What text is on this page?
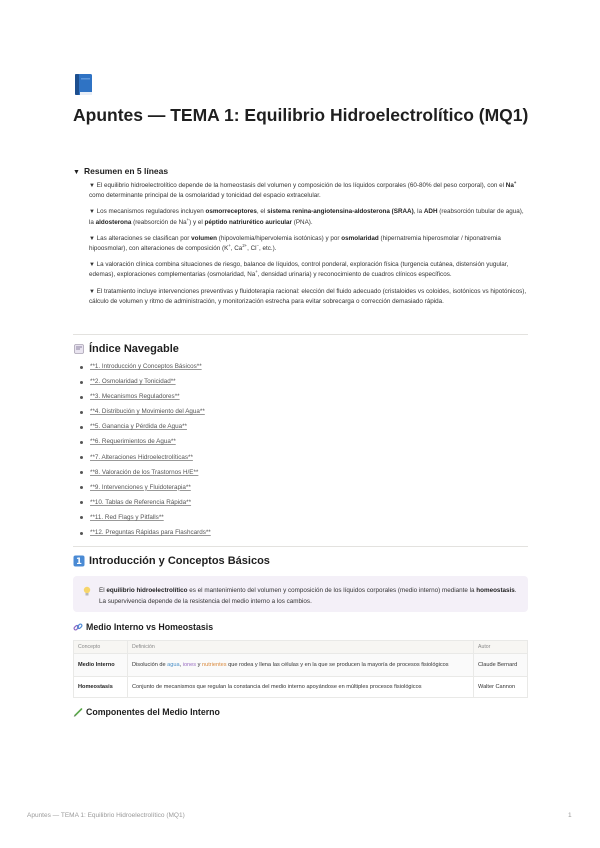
Apuntes — TEMA 1: Equilibrio Hidroelectrolítico (MQ1)
▼ Resumen en 5 líneas
▼ El equilibrio hidroelectrolítico depende de la homeostasis del volumen y composición de los líquidos corporales (60-80% del peso corporal), con el Na+ como determinante principal de la osmolaridad y tonicidad del espacio extracelular.
▼ Los mecanismos reguladores incluyen osmorreceptores, el sistema renina-angiotensina-aldosterona (SRAA), la ADH (reabsorción tubular de agua), la aldosterona (reabsorción de Na+) y el péptido natriurético auricular (PNA).
▼ Las alteraciones se clasifican por volumen (hipovolemia/hipervolemia isotónicas) y por osmolaridad (hipernatremia hiperosmolar / hiponatremia hipoosmolar), con alteraciones de composición (K+, $Ca^{2+}$, Cl−, etc.).
▼ La valoración clínica combina situaciones de riesgo, balance de líquidos, control ponderal, exploración física (turgencia cutánea, distensión yugular, edemas), exploraciones complementarias (osmolaridad, Na+, densidad urinaria) y reconocimiento de cuadros clínicos específicos.
▼ El tratamiento incluye intervenciones preventivas y fluidoterapia racional: elección del fluido adecuado (cristaloides vs coloides, isotónicos vs hipotónicos), cálculo de volumen y ritmo de administración, y monitorización estrecha para evitar sobrecarga o corrección demasiado rápida.
Índice Navegable
**1. Introducción y Conceptos Básicos**
**2. Osmolaridad y Tonicidad**
**3. Mecanismos Reguladores**
**4. Distribución y Movimiento del Agua**
**5. Ganancia y Pérdida de Agua**
**6. Requerimientos de Agua**
**7. Alteraciones Hidroelectrolíticas**
**8. Valoración de los Trastornos H/E**
**9. Intervenciones y Fluidoterapia**
**10. Tablas de Referencia Rápida**
**11. Red Flags y Pitfalls**
**12. Preguntas Rápidas para Flashcards**
1 Introducción y Conceptos Básicos
El equilibrio hidroelectrolítico es el mantenimiento del volumen y composición de los líquidos corporales (medio interno) mediante la homeostasis. La supervivencia depende de la resistencia del medio interno a los cambios.
Medio Interno vs Homeostasis
Concepto	Definición	Autor
Medio Interno	Disolución de agua, iones y nutrientes que rodea y llena las células y en la que se producen la mayoría de procesos fisiológicos	Claude Bernard
Homeostasis	Conjunto de mecanismos que regulan la constancia del medio interno apoyándose en múltiples procesos fisiológicos	Walter Cannon
Componentes del Medio Interno
Apuntes — TEMA 1: Equilibrio Hidroelectrolítico (MQ1)	1
